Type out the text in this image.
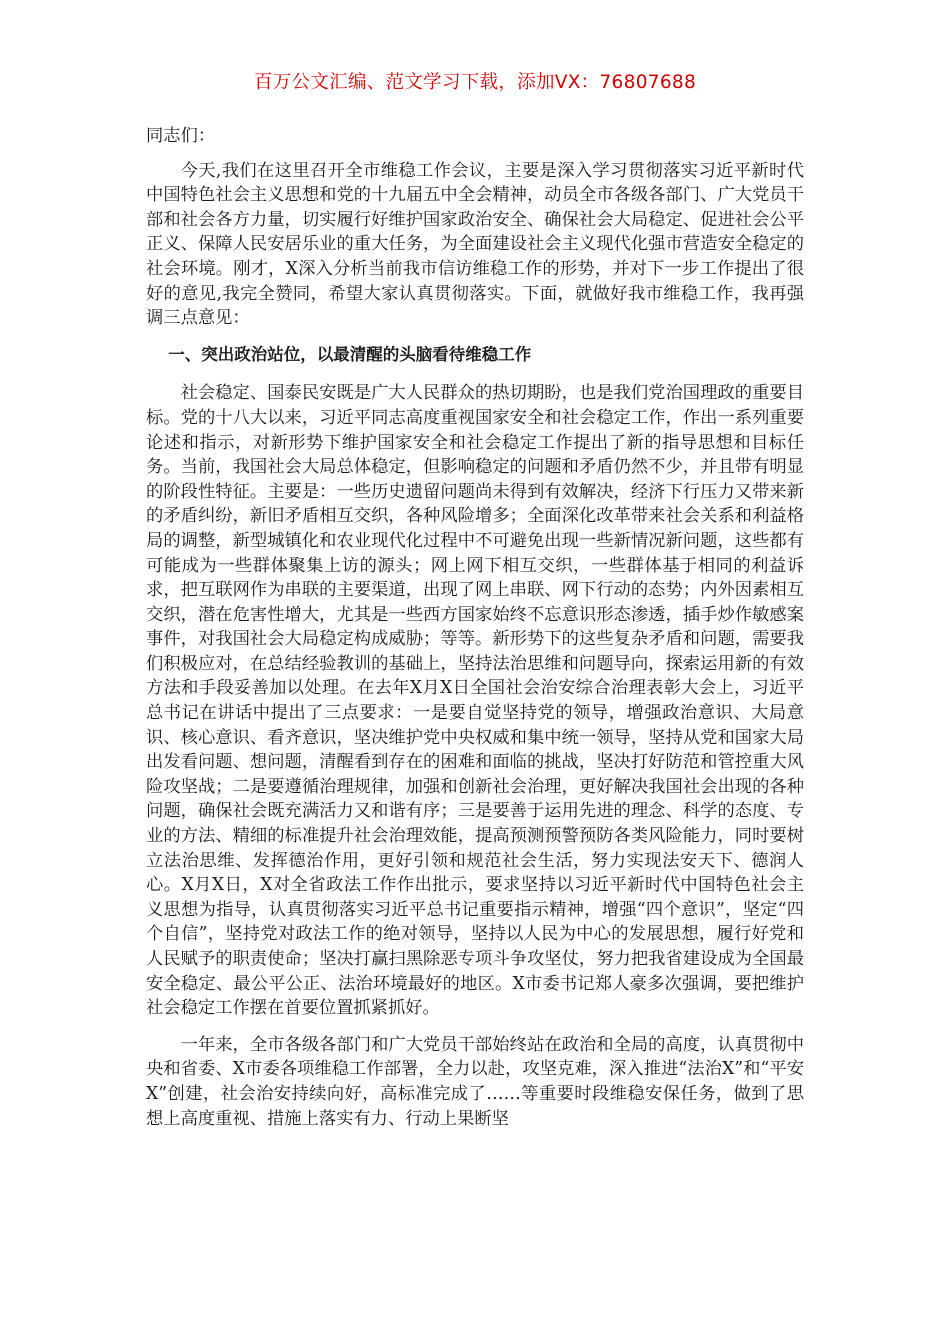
百万公文汇编、范文学习下载，添加VX：76807688

同志们：

今天,我们在这里召开全市维稳工作会议，主要是深入学习贯彻落实习近平新时代中国特色社会主义思想和党的十九届五中全会精神，动员全市各级各部门、广大党员干部和社会各方力量，切实履行好维护国家政治安全、确保社会大局稳定、促进社会公平正义、保障人民安居乐业的重大任务，为全面建设社会主义现代化强市营造安全稳定的社会环境。刚才，X深入分析当前我市信访维稳工作的形势，并对下一步工作提出了很好的意见,我完全赞同，希望大家认真贯彻落实。下面，就做好我市维稳工作，我再强调三点意见：

一、突出政治站位，以最清醒的头脑看待维稳工作

社会稳定、国泰民安既是广大人民群众的热切期盼，也是我们党治国理政的重要目标。党的十八大以来，习近平同志高度重视国家安全和社会稳定工作，作出一系列重要论述和指示，对新形势下维护国家安全和社会稳定工作提出了新的指导思想和目标任务。当前，我国社会大局总体稳定，但影响稳定的问题和矛盾仍然不少，并且带有明显的阶段性特征。主要是：一些历史遗留问题尚未得到有效解决，经济下行压力又带来新的矛盾纠纷，新旧矛盾相互交织，各种风险增多；全面深化改革带来社会关系和利益格局的调整，新型城镇化和农业现代化过程中不可避免出现一些新情况新问题，这些都有可能成为一些群体聚集上访的源头；网上网下相互交织，一些群体基于相同的利益诉求，把互联网作为串联的主要渠道，出现了网上串联、网下行动的态势；内外因素相互交织，潜在危害性增大，尤其是一些西方国家始终不忘意识形态渗透，插手炒作敏感案事件，对我国社会大局稳定构成威胁；等等。新形势下的这些复杂矛盾和问题，需要我们积极应对，在总结经验教训的基础上，坚持法治思维和问题导向，探索运用新的有效方法和手段妥善加以处理。在去年X月X日全国社会治安综合治理表彰大会上，习近平总书记在讲话中提出了三点要求：一是要自觉坚持党的领导，增强政治意识、大局意识、核心意识、看齐意识，坚决维护党中央权威和集中统一领导，坚持从党和国家大局出发看问题、想问题，清醒看到存在的困难和面临的挑战，坚决打好防范和管控重大风险攻坚战；二是要遵循治理规律，加强和创新社会治理，更好解决我国社会出现的各种问题，确保社会既充满活力又和谐有序；三是要善于运用先进的理念、科学的态度、专业的方法、精细的标准提升社会治理效能，提高预测预警预防各类风险能力，同时要树立法治思维、发挥德治作用，更好引领和规范社会生活，努力实现法安天下、德润人心。X月X日，X对全省政法工作作出批示，要求坚持以习近平新时代中国特色社会主义思想为指导，认真贯彻落实习近平总书记重要指示精神，增强“四个意识”，坚定“四个自信”，坚持党对政法工作的绝对领导，坚持以人民为中心的发展思想，履行好党和人民赋予的职责使命；坚决打赢扫黑除恶专项斗争攻坚仗，努力把我省建设成为全国最安全稳定、最公平公正、法治环境最好的地区。X市委书记郑人豪多次强调，要把维护社会稳定工作摆在首要位置抓紧抓好。

一年来，全市各级各部门和广大党员干部始终站在政治和全局的高度，认真贯彻中央和省委、X市委各项维稳工作部署，全力以赴，攻坚克难，深入推进“法治X”和“平安X”创建，社会治安持续向好，高标准完成了……等重要时段维稳安保任务，做到了思想上高度重视、措施上落实有力、行动上果断坚
